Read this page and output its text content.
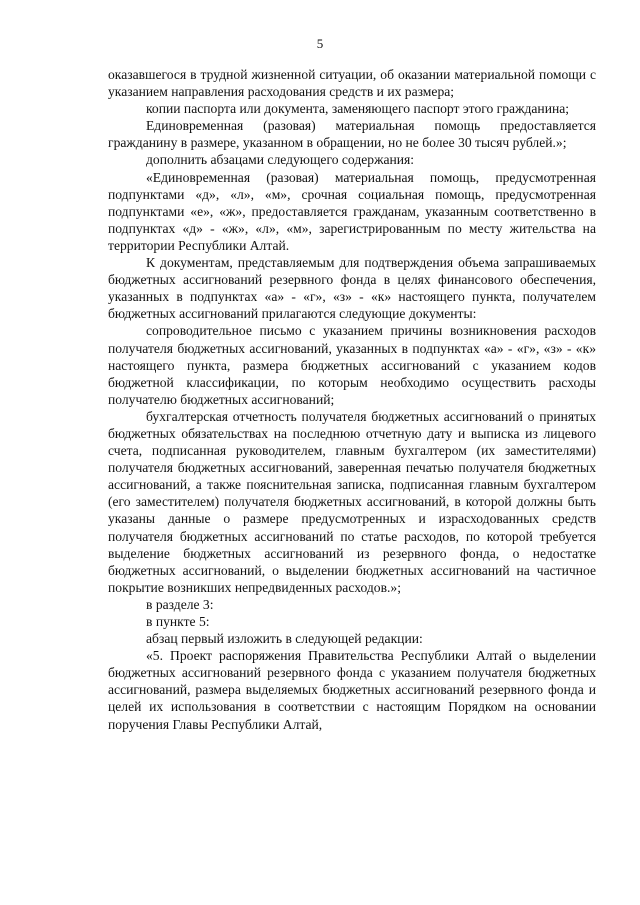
5

оказавшегося в трудной жизненной ситуации, об оказании материальной помощи с указанием направления расходования средств и их размера;

копии паспорта или документа, заменяющего паспорт этого гражданина;

Единовременная (разовая) материальная помощь предоставляется гражданину в размере, указанном в обращении, но не более 30 тысяч рублей.»;

дополнить абзацами следующего содержания:

«Единовременная (разовая) материальная помощь, предусмотренная подпунктами «д», «л», «м», срочная социальная помощь, предусмотренная подпунктами «е», «ж», предоставляется гражданам, указанным соответственно в подпунктах «д» - «ж», «л», «м», зарегистрированным по месту жительства на территории Республики Алтай.

К документам, представляемым для подтверждения объема запрашиваемых бюджетных ассигнований резервного фонда в целях финансового обеспечения, указанных в подпунктах «а» - «г», «з» - «к» настоящего пункта, получателем бюджетных ассигнований прилагаются следующие документы:

сопроводительное письмо с указанием причины возникновения расходов получателя бюджетных ассигнований, указанных в подпунктах «а» - «г», «з» - «к» настоящего пункта, размера бюджетных ассигнований с указанием кодов бюджетной классификации, по которым необходимо осуществить расходы получателю бюджетных ассигнований;

бухгалтерская отчетность получателя бюджетных ассигнований о принятых бюджетных обязательствах на последнюю отчетную дату и выписка из лицевого счета, подписанная руководителем, главным бухгалтером (их заместителями) получателя бюджетных ассигнований, заверенная печатью получателя бюджетных ассигнований, а также пояснительная записка, подписанная главным бухгалтером (его заместителем) получателя бюджетных ассигнований, в которой должны быть указаны данные о размере предусмотренных и израсходованных средств получателя бюджетных ассигнований по статье расходов, по которой требуется выделение бюджетных ассигнований из резервного фонда, о недостатке бюджетных ассигнований, о выделении бюджетных ассигнований на частичное покрытие возникших непредвиденных расходов.»;

в разделе 3:

в пункте 5:

абзац первый изложить в следующей редакции:

«5. Проект распоряжения Правительства Республики Алтай о выделении бюджетных ассигнований резервного фонда с указанием получателя бюджетных ассигнований, размера выделяемых бюджетных ассигнований резервного фонда и целей их использования в соответствии с настоящим Порядком на основании поручения Главы Республики Алтай,
